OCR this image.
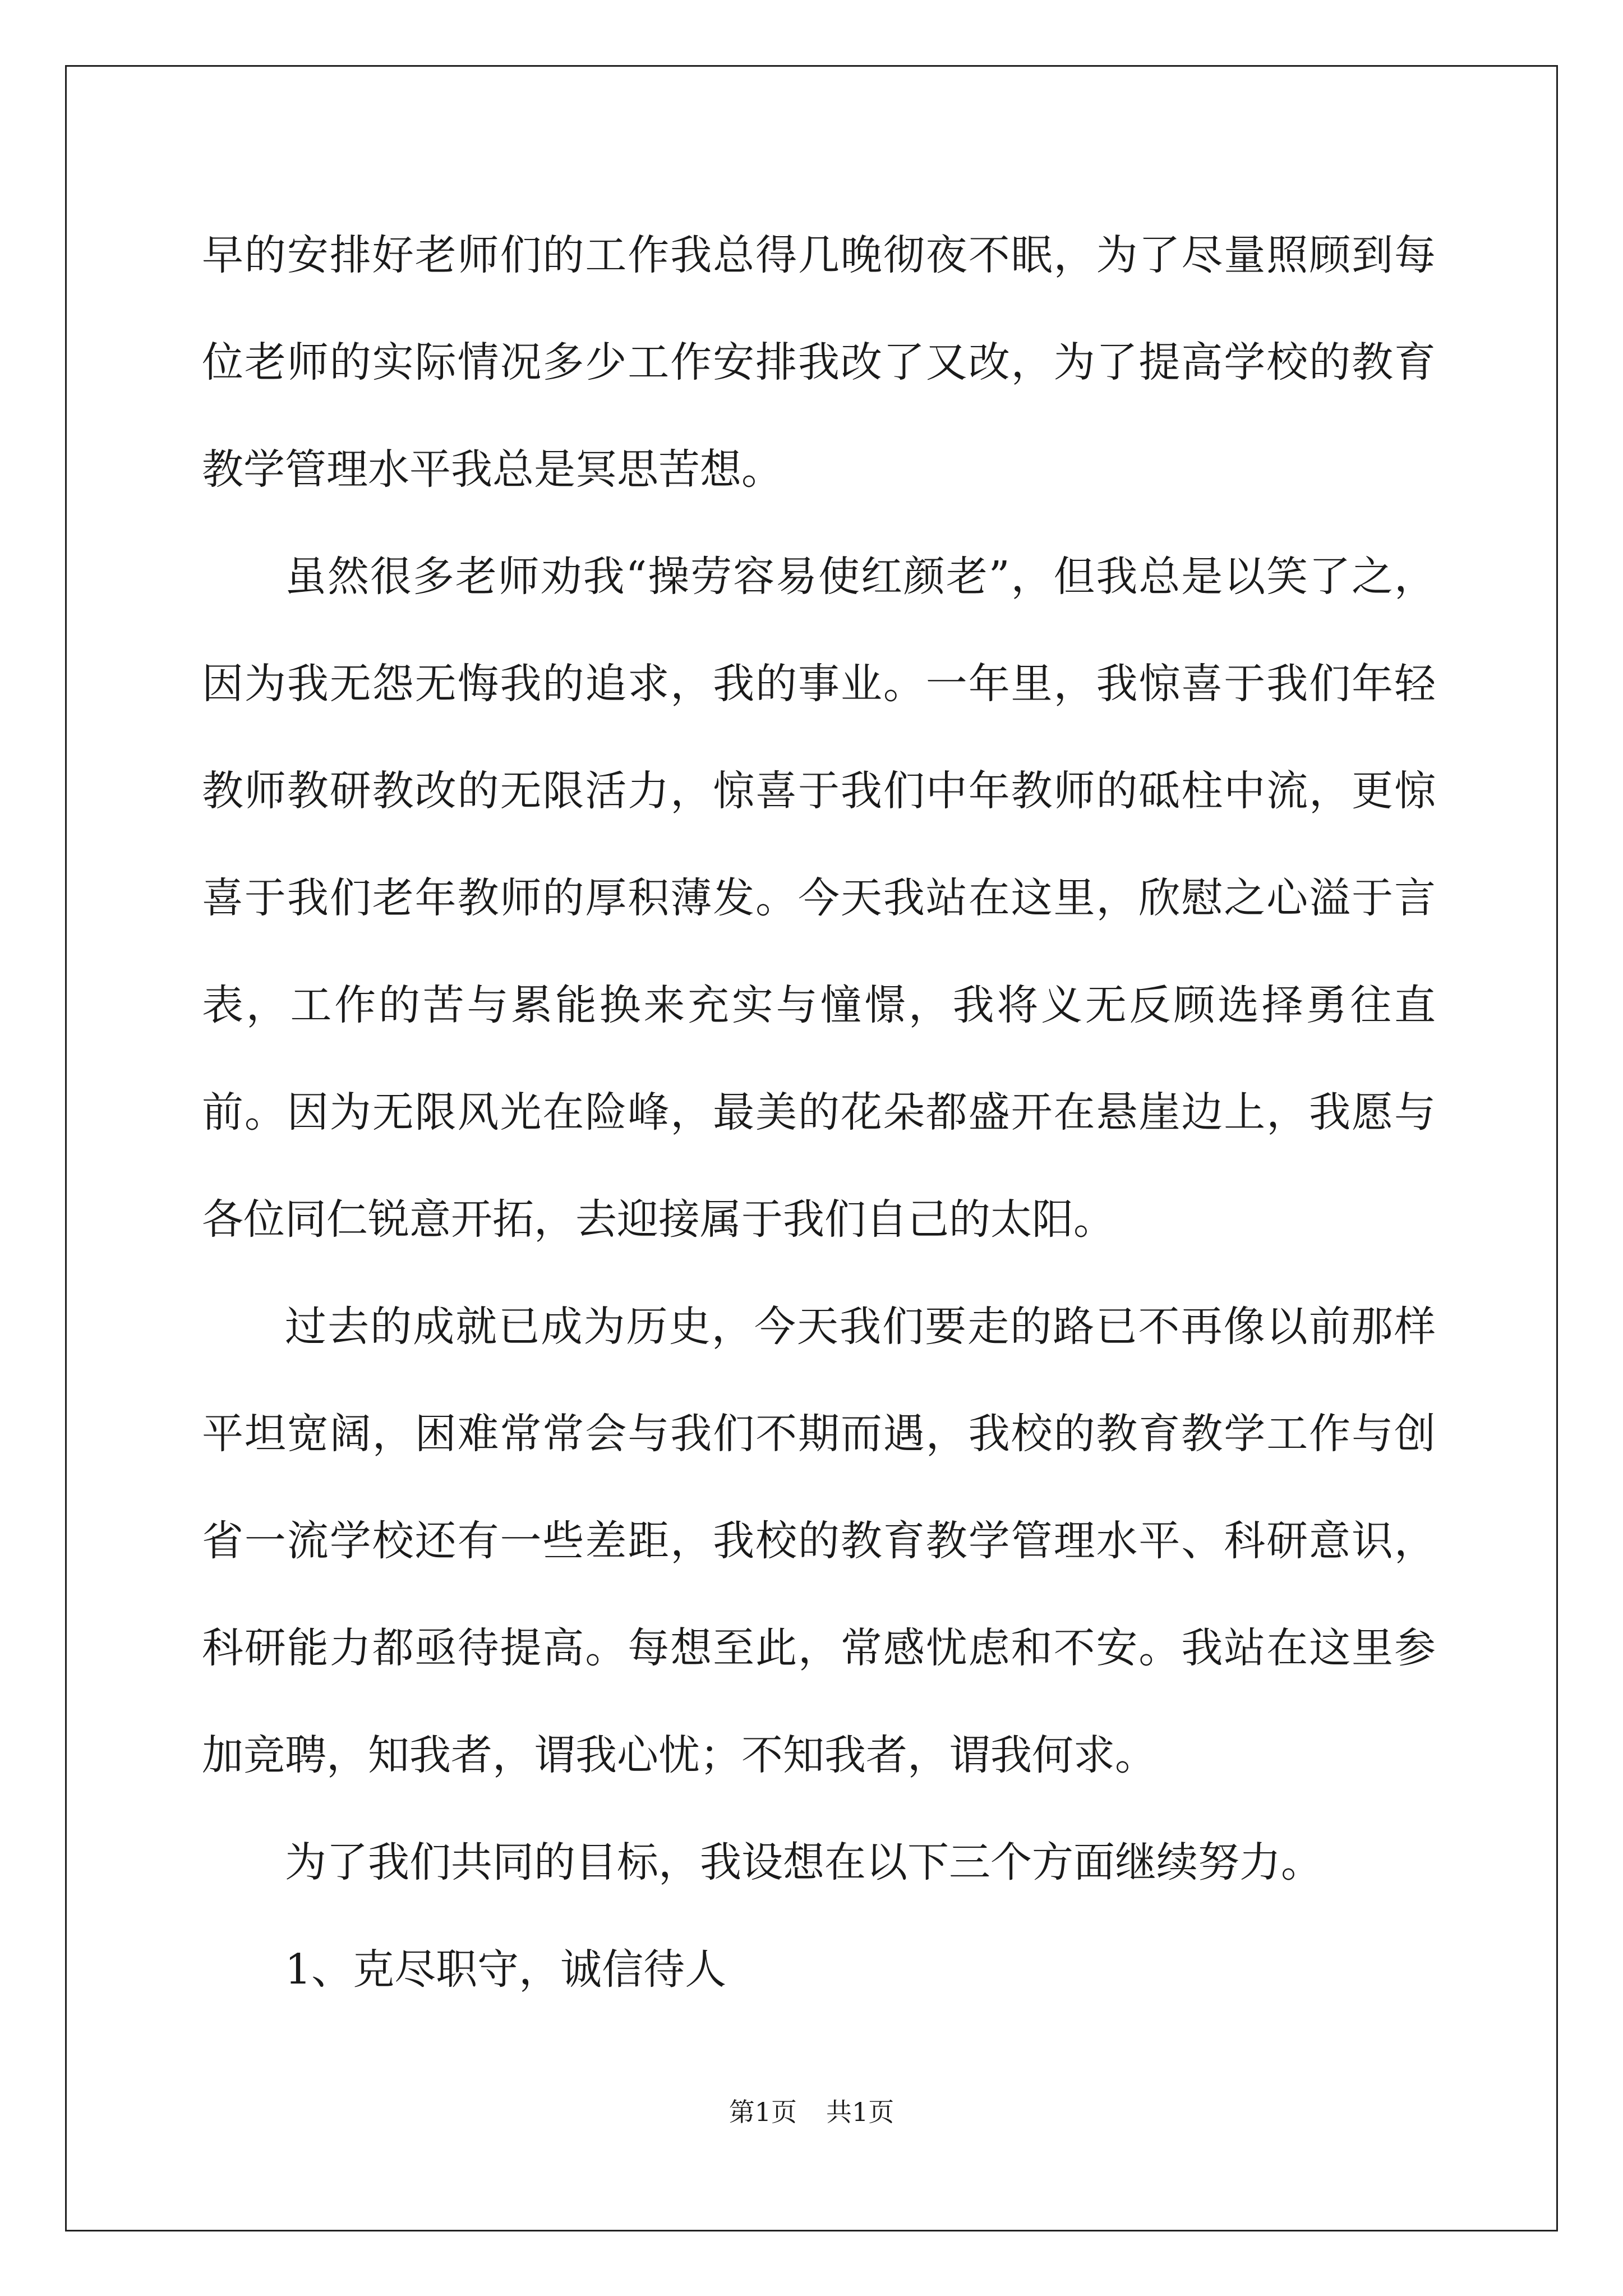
早的安排好老师们的工作我总得几晚彻夜不眠，为了尽量照顾到每位老师的实际情况多少工作安排我改了又改，为了提高学校的教育教学管理水平我总是冥思苦想。

虽然很多老师劝我“操劳容易使红颜老”，但我总是以笑了之，因为我无怨无悔我的追求，我的事业。一年里，我惊喜于我们年轻教师教研教改的无限活力，惊喜于我们中年教师的砥柱中流，更惊喜于我们老年教师的厚积薄发。今天我站在这里，欣慰之心溢于言表，工作的苦与累能换来充实与憧憬，我将义无反顾选择勇往直前。因为无限风光在险峰，最美的花朵都盛开在悬崖边上，我愿与各位同仁锐意开拓，去迎接属于我们自己的太阳。

过去的成就已成为历史，今天我们要走的路已不再像以前那样平坦宽阔，困难常常会与我们不期而遇，我校的教育教学工作与创省一流学校还有一些差距，我校的教育教学管理水平、科研意识，科研能力都亟待提高。每想至此，常感忧虑和不安。我站在这里参加竞聘，知我者，谓我心忧；不知我者，谓我何求。

为了我们共同的目标，我设想在以下三个方面继续努力。

1、克尽职守，诚信待人

第1页 共1页
